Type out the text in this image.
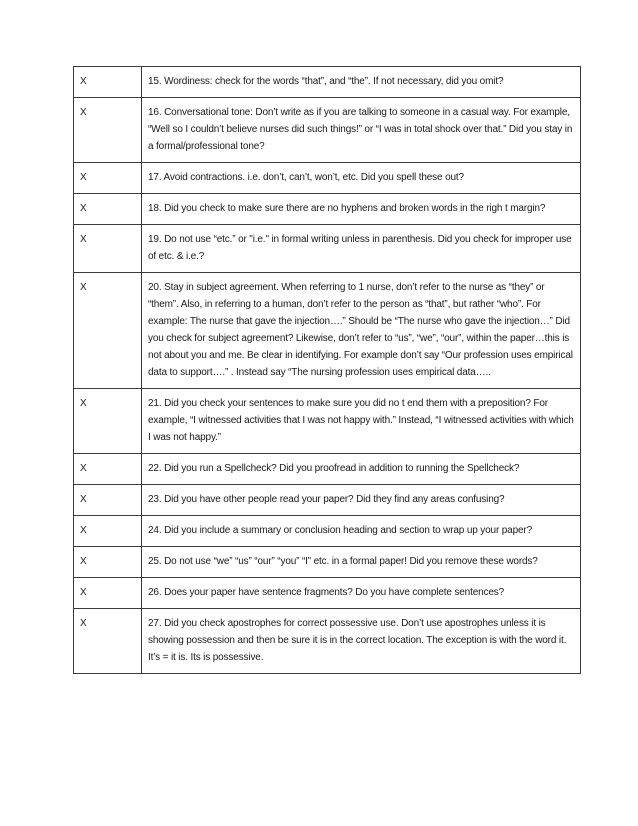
X	15. Wordiness: check for the words “that”, and “the”. If not necessary, did you omit?
X	16. Conversational tone: Don’t write as if you are talking to someone in a casual way. For example, “Well so I couldn’t believe nurses did such things!” or “I was in total shock over that.” Did you stay in a formal/professional tone?
X	17. Avoid contractions. i.e. don’t, can’t, won’t, etc. Did you spell these out?
X	18. Did you check to make sure there are no hyphens and broken words in the righ t margin?
X	19. Do not use “etc.” or "i.e." in formal writing unless in parenthesis. Did you check for improper use of etc. & i.e.?
X	20. Stay in subject agreement. When referring to 1 nurse, don’t refer to the nurse as “they” or “them”. Also, in referring to a human, don’t refer to the person as “that”, but rather “who”. For example: The nurse that gave the injection….” Should be “The nurse who gave the injection…” Did you check for subject agreement? Likewise, don’t refer to “us”, “we”, “our”, within the paper…this is not about you and me. Be clear in identifying. For example don’t say “Our profession uses empirical data to support….” . Instead say “The nursing profession uses empirical data…..
X	21. Did you check your sentences to make sure you did no t end them with a preposition? For example, “I witnessed activities that I was not happy with.” Instead, “I witnessed activities with which I was not happy.”
X	22. Did you run a Spellcheck? Did you proofread in addition to running the Spellcheck?
X	23. Did you have other people read your paper? Did they find any areas confusing?
X	24. Did you include a summary or conclusion heading and section to wrap up your paper?
X	25. Do not use “we” “us” “our” “you” “I” etc. in a formal paper! Did you remove these words?
X	26. Does your paper have sentence fragments? Do you have complete sentences?
X	27. Did you check apostrophes for correct possessive use. Don’t use apostrophes unless it is showing possession and then be sure it is in the correct location. The exception is with the word it. It’s = it is. Its is possessive.
